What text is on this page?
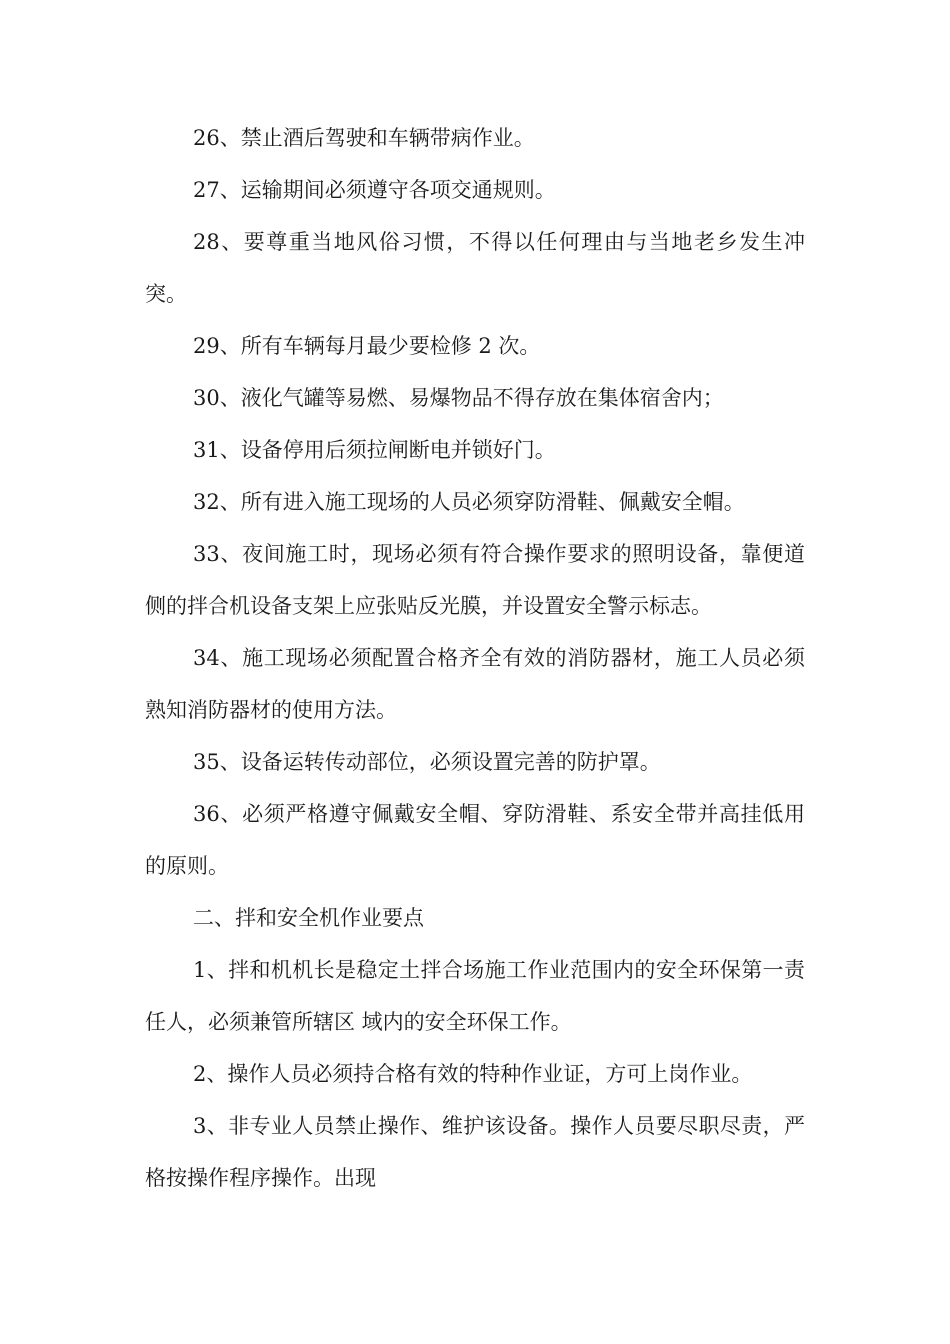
26、禁止酒后驾驶和车辆带病作业。

27、运输期间必须遵守各项交通规则。

28、要尊重当地风俗习惯，不得以任何理由与当地老乡发生冲突。

29、所有车辆每月最少要检修 2 次。

30、液化气罐等易燃、易爆物品不得存放在集体宿舍内；

31、设备停用后须拉闸断电并锁好门。

32、所有进入施工现场的人员必须穿防滑鞋、佩戴安全帽。

33、夜间施工时，现场必须有符合操作要求的照明设备，靠便道侧的拌合机设备支架上应张贴反光膜，并设置安全警示标志。

34、施工现场必须配置合格齐全有效的消防器材，施工人员必须熟知消防器材的使用方法。

35、设备运转传动部位，必须设置完善的防护罩。

36、必须严格遵守佩戴安全帽、穿防滑鞋、系安全带并高挂低用的原则。

二、拌和安全机作业要点

1、拌和机机长是稳定土拌合场施工作业范围内的安全环保第一责任人，必须兼管所辖区 域内的安全环保工作。

2、操作人员必须持合格有效的特种作业证，方可上岗作业。

3、非专业人员禁止操作、维护该设备。操作人员要尽职尽责，严格按操作程序操作。出现
